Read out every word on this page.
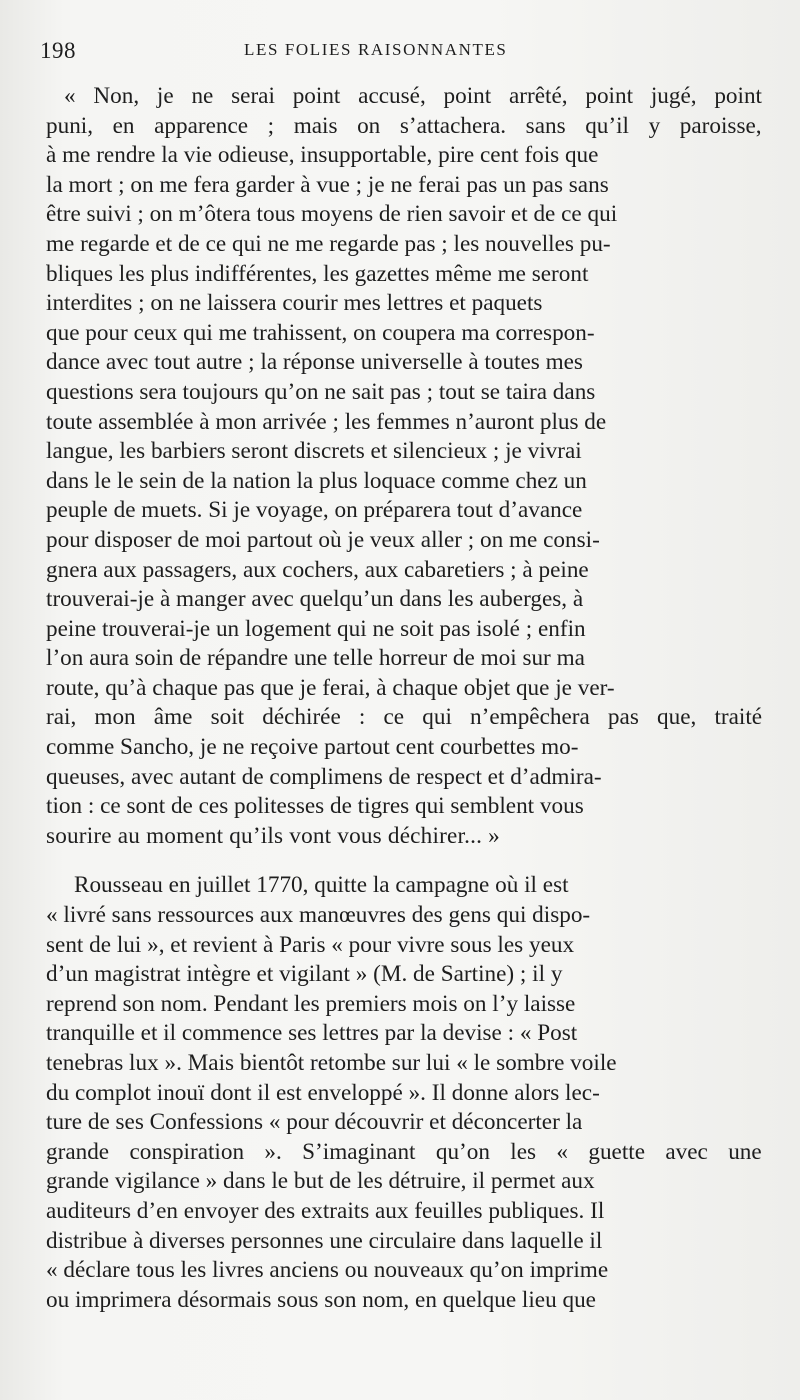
198	LES FOLIES RAISONNANTES

« Non, je ne serai point accusé, point arrêté, point jugé, point
puni, en apparence ; mais on s’attachera. sans qu’il y paroisse,
à me rendre la vie odieuse, insupportable, pire cent fois que
la mort ; on me fera garder à vue ; je ne ferai pas un pas sans
être suivi ; on m’ôtera tous moyens de rien savoir et de ce qui
me regarde et de ce qui ne me regarde pas ; les nouvelles pu-
bliques les plus indifférentes, les gazettes même me seront
interdites ; on ne laissera courir mes lettres et paquets
que pour ceux qui me trahissent, on coupera ma correspon-
dance avec tout autre ; la réponse universelle à toutes mes
questions sera toujours qu’on ne sait pas ; tout se taira dans
toute assemblée à mon arrivée ; les femmes n’auront plus de
langue, les barbiers seront discrets et silencieux ; je vivrai
dans le le sein de la nation la plus loquace comme chez un
peuple de muets. Si je voyage, on préparera tout d’avance
pour disposer de moi partout où je veux aller ; on me consi-
gnera aux passagers, aux cochers, aux cabaretiers ; à peine
trouverai-je à manger avec quelqu’un dans les auberges, à
peine trouverai-je un logement qui ne soit pas isolé ; enfin
l’on aura soin de répandre une telle horreur de moi sur ma
route, qu’à chaque pas que je ferai, à chaque objet que je ver-
rai, mon âme soit déchirée : ce qui n’empêchera pas que, traité
comme Sancho, je ne reçoive partout cent courbettes mo-
queuses, avec autant de complimens de respect et d’admira-
tion : ce sont de ces politesses de tigres qui semblent vous
sourire au moment qu’ils vont vous déchirer... »

Rousseau en juillet 1770, quitte la campagne où il est
« livré sans ressources aux manœuvres des gens qui dispo-
sent de lui », et revient à Paris « pour vivre sous les yeux
d’un magistrat intègre et vigilant » (M. de Sartine) ; il y
reprend son nom. Pendant les premiers mois on l’y laisse
tranquille et il commence ses lettres par la devise : « Post
tenebras lux ». Mais bientôt retombe sur lui « le sombre voile
du complot inouï dont il est enveloppé ». Il donne alors lec-
ture de ses Confessions « pour découvrir et déconcerter la
grande conspiration ». S’imaginant qu’on les « guette avec une
grande vigilance » dans le but de les détruire, il permet aux
auditeurs d’en envoyer des extraits aux feuilles publiques. Il
distribue à diverses personnes une circulaire dans laquelle il
« déclare tous les livres anciens ou nouveaux qu’on imprime
ou imprimera désormais sous son nom, en quelque lieu que
